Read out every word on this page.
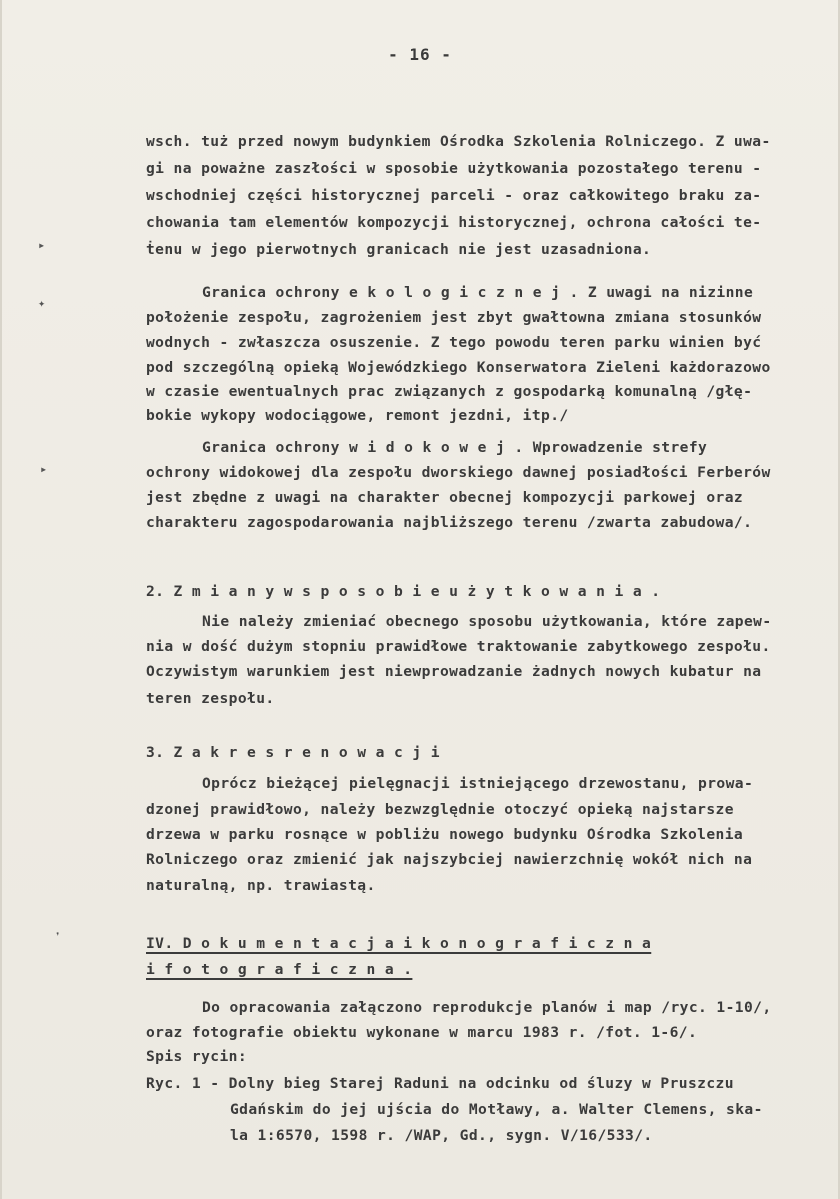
▸
✦
▸
❜
- 16 -
wsch. tuż przed nowym budynkiem Ośrodka Szkolenia Rolniczego. Z uwa-
gi na poważne zaszłości w sposobie użytkowania pozostałego terenu -
wschodniej części historycznej parceli - oraz całkowitego braku za-
chowania tam elementów kompozycji historycznej, ochrona całości te-
ṫenu w jego pierwotnych granicach nie jest uzasadniona.
Granica ochrony e k o l o g i c z n e j . Z uwagi na nizinne
położenie zespołu, zagrożeniem jest zbyt gwałtowna zmiana stosunków
wodnych - zwłaszcza osuszenie. Z tego powodu teren parku winien być
pod szczególną opieką Wojewódzkiego Konserwatora Zieleni każdorazowo
w czasie ewentualnych prac związanych z gospodarką komunalną /głę-
bokie wykopy wodociągowe, remont jezdni, itp./
Granica ochrony w i d o k o w e j . Wprowadzenie strefy
ochrony widokowej dla zespołu dworskiego dawnej posiadłości Ferberów
jest zbędne z uwagi na charakter obecnej kompozycji parkowej oraz
charakteru zagospodarowania najbliższego terenu /zwarta zabudowa/.
2. Z m i a n y w s p o s o b i e u ż y t k o w a n i a .
Nie należy zmieniać obecnego sposobu użytkowania, które zapew-
nia w dość dużym stopniu prawidłowe traktowanie zabytkowego zespołu.
Oczywistym warunkiem jest niewprowadzanie żadnych nowych kubatur na
teren zespołu.
3. Z a k r e s r e n o w a c j i
Oprócz bieżącej pielęgnacji istniejącego drzewostanu, prowa-
dzonej prawidłowo, należy bezwzględnie otoczyć opieką najstarsze
drzewa w parku rosnące w pobliżu nowego budynku Ośrodka Szkolenia
Rolniczego oraz zmienić jak najszybciej nawierzchnię wokół nich na
naturalną, np. trawiastą.
IV. D o k u m e n t a c j a i k o n o g r a f i c z n a
i f o t o g r a f i c z n a .
Do opracowania załączono reprodukcje planów i map /ryc. 1-10/,
oraz fotografie obiektu wykonane w marcu 1983 r. /fot. 1-6/.
Spis rycin:
Ryc. 1 - Dolny bieg Starej Raduni na odcinku od śluzy w Pruszczu
Gdańskim do jej ujścia do Motławy, a. Walter Clemens, ska-
la 1:6570, 1598 r. /WAP, Gd., sygn. V/16/533/.
